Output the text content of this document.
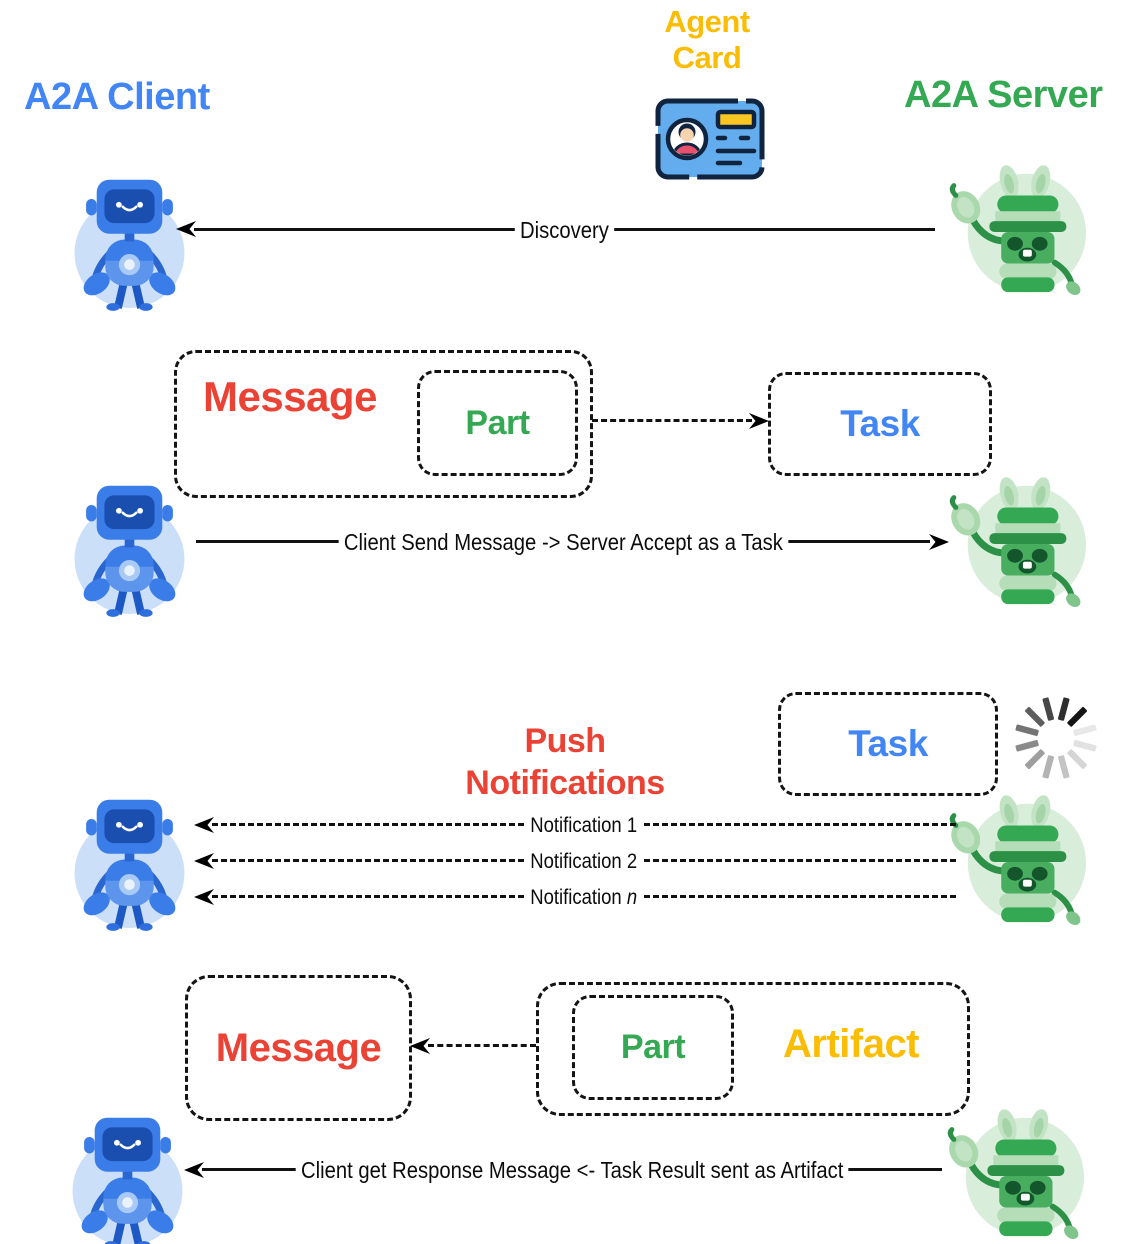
A2A Client
Agent
Card
A2A Server
Discovery
Message
Part	Task
Client Send Message -> Server Accept as a Task
Push
Notifications
Task
Notification 1
Notification 2
Notification n
Message	Part	Artifact
Client get Response Message <- Task Result sent as Artifact
